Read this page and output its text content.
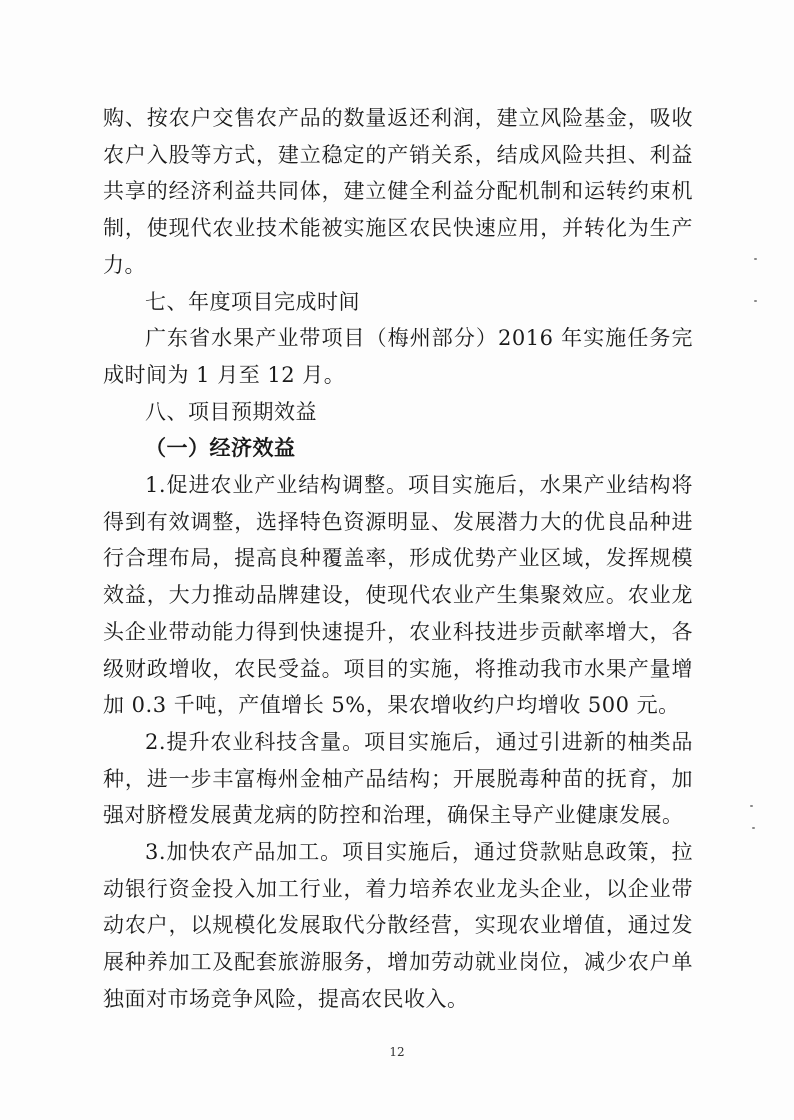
购、按农户交售农产品的数量返还利润，建立风险基金，吸收农户入股等方式，建立稳定的产销关系，结成风险共担、利益共享的经济利益共同体，建立健全利益分配机制和运转约束机制，使现代农业技术能被实施区农民快速应用，并转化为生产力。

七、年度项目完成时间

广东省水果产业带项目（梅州部分）2016 年实施任务完成时间为 1 月至 12 月。

八、项目预期效益

（一）经济效益

1.促进农业产业结构调整。项目实施后，水果产业结构将得到有效调整，选择特色资源明显、发展潜力大的优良品种进行合理布局，提高良种覆盖率，形成优势产业区域，发挥规模效益，大力推动品牌建设，使现代农业产生集聚效应。农业龙头企业带动能力得到快速提升，农业科技进步贡献率增大，各级财政增收，农民受益。项目的实施，将推动我市水果产量增加 0.3 千吨，产值增长 5%，果农增收约户均增收 500 元。

2.提升农业科技含量。项目实施后，通过引进新的柚类品种，进一步丰富梅州金柚产品结构；开展脱毒种苗的抚育，加强对脐橙发展黄龙病的防控和治理，确保主导产业健康发展。

3.加快农产品加工。项目实施后，通过贷款贴息政策，拉动银行资金投入加工行业，着力培养农业龙头企业，以企业带动农户，以规模化发展取代分散经营，实现农业增值，通过发展种养加工及配套旅游服务，增加劳动就业岗位，减少农户单独面对市场竞争风险，提高农民收入。

12
